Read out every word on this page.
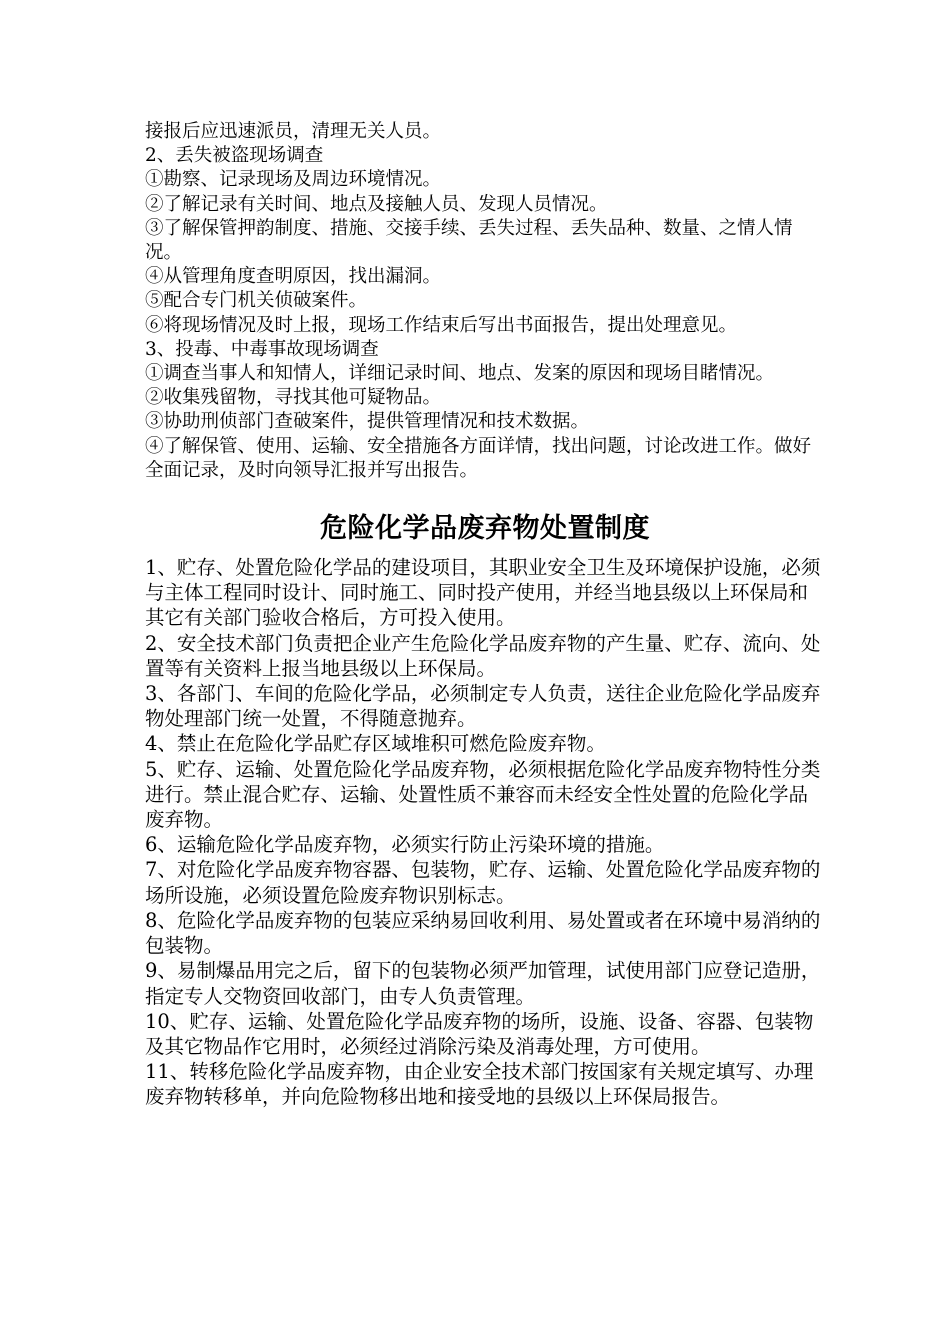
接报后应迅速派员，清理无关人员。

2、丢失被盗现场调查

①勘察、记录现场及周边环境情况。

②了解记录有关时间、地点及接触人员、发现人员情况。

③了解保管押韵制度、措施、交接手续、丢失过程、丢失品种、数量、之情人情况。

④从管理角度查明原因，找出漏洞。

⑤配合专门机关侦破案件。

⑥将现场情况及时上报，现场工作结束后写出书面报告，提出处理意见。

3、投毒、中毒事故现场调查

①调查当事人和知情人，详细记录时间、地点、发案的原因和现场目睹情况。

②收集残留物，寻找其他可疑物品。

③协助刑侦部门查破案件，提供管理情况和技术数据。

④了解保管、使用、运输、安全措施各方面详情，找出问题，讨论改进工作。做好全面记录，及时向领导汇报并写出报告。

危险化学品废弃物处置制度

1、贮存、处置危险化学品的建设项目，其职业安全卫生及环境保护设施，必须与主体工程同时设计、同时施工、同时投产使用，并经当地县级以上环保局和其它有关部门验收合格后，方可投入使用。

2、安全技术部门负责把企业产生危险化学品废弃物的产生量、贮存、流向、处置等有关资料上报当地县级以上环保局。

3、各部门、车间的危险化学品，必须制定专人负责，送往企业危险化学品废弃物处理部门统一处置，不得随意抛弃。

4、禁止在危险化学品贮存区域堆积可燃危险废弃物。

5、贮存、运输、处置危险化学品废弃物，必须根据危险化学品废弃物特性分类进行。禁止混合贮存、运输、处置性质不兼容而未经安全性处置的危险化学品废弃物。

6、运输危险化学品废弃物，必须实行防止污染环境的措施。

7、对危险化学品废弃物容器、包装物，贮存、运输、处置危险化学品废弃物的场所设施，必须设置危险废弃物识别标志。

8、危险化学品废弃物的包装应采纳易回收利用、易处置或者在环境中易消纳的包装物。

9、易制爆品用完之后，留下的包装物必须严加管理，试使用部门应登记造册，指定专人交物资回收部门，由专人负责管理。

10、贮存、运输、处置危险化学品废弃物的场所，设施、设备、容器、包装物及其它物品作它用时，必须经过消除污染及消毒处理，方可使用。

11、转移危险化学品废弃物，由企业安全技术部门按国家有关规定填写、办理废弃物转移单，并向危险物移出地和接受地的县级以上环保局报告。
